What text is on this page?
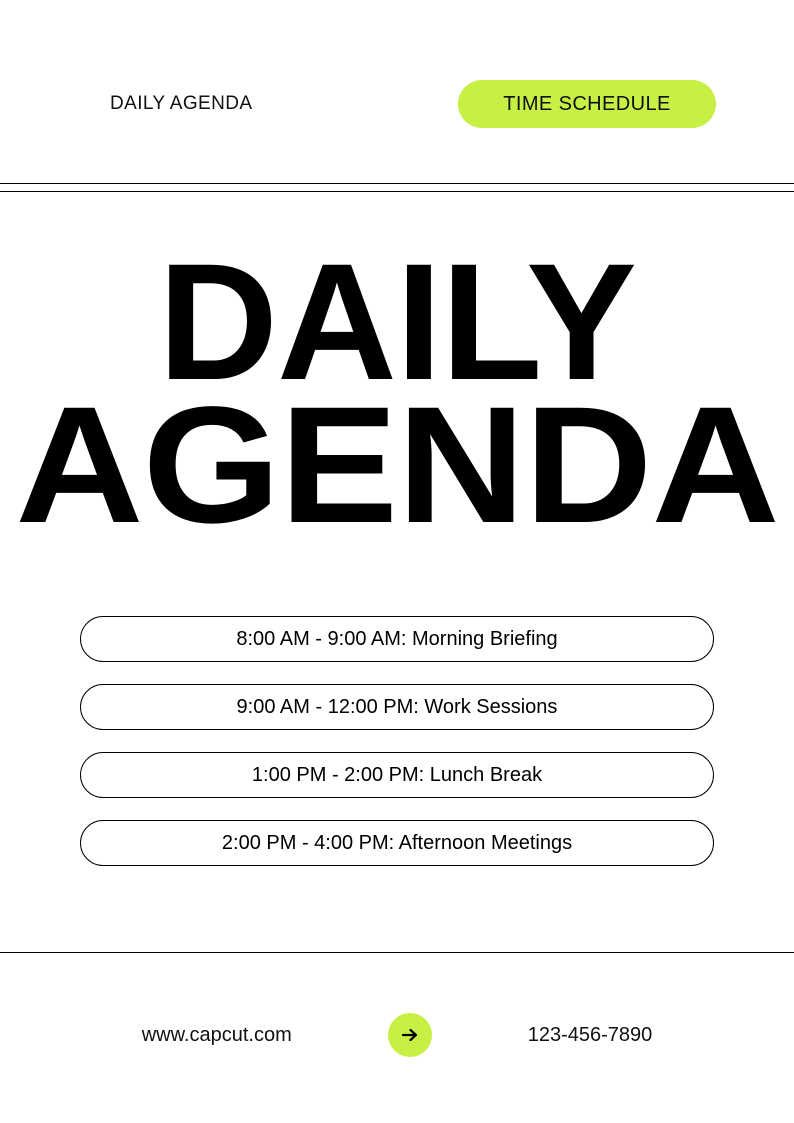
DAILY AGENDA	TIME SCHEDULE
DAILY
AGENDA
8:00 AM - 9:00 AM: Morning Briefing
9:00 AM - 12:00 PM: Work Sessions
1:00 PM - 2:00 PM: Lunch Break
2:00 PM - 4:00 PM: Afternoon Meetings
www.capcut.com	123-456-7890
